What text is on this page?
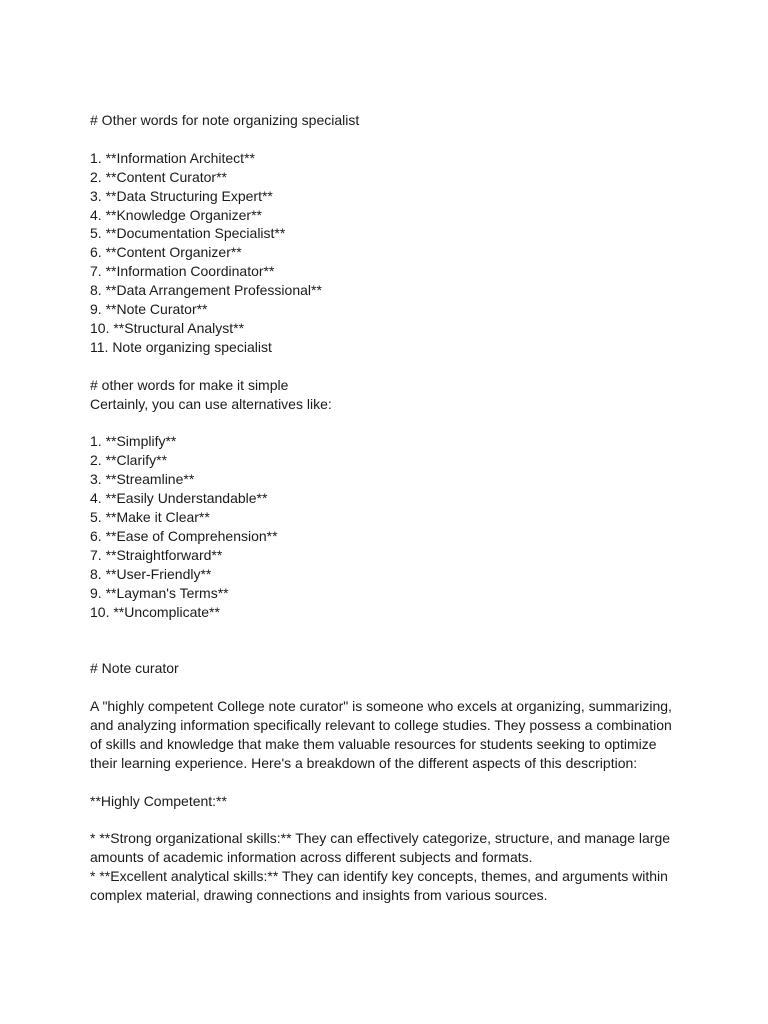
# Other words for note organizing specialist
1. **Information Architect**
2. **Content Curator**
3. **Data Structuring Expert**
4. **Knowledge Organizer**
5. **Documentation Specialist**
6. **Content Organizer**
7. **Information Coordinator**
8. **Data Arrangement Professional**
9. **Note Curator**
10. **Structural Analyst**
11. Note organizing specialist
# other words for make it simple
Certainly, you can use alternatives like:
1. **Simplify**
2. **Clarify**
3. **Streamline**
4. **Easily Understandable**
5. **Make it Clear**
6. **Ease of Comprehension**
7. **Straightforward**
8. **User-Friendly**
9. **Layman's Terms**
10. **Uncomplicate**
# Note curator

A "highly competent College note curator" is someone who excels at organizing, summarizing, and analyzing information specifically relevant to college studies. They possess a combination of skills and knowledge that make them valuable resources for students seeking to optimize their learning experience. Here's a breakdown of the different aspects of this description:

**Highly Competent:**

* **Strong organizational skills:** They can effectively categorize, structure, and manage large amounts of academic information across different subjects and formats.

* **Excellent analytical skills:** They can identify key concepts, themes, and arguments within complex material, drawing connections and insights from various sources.
